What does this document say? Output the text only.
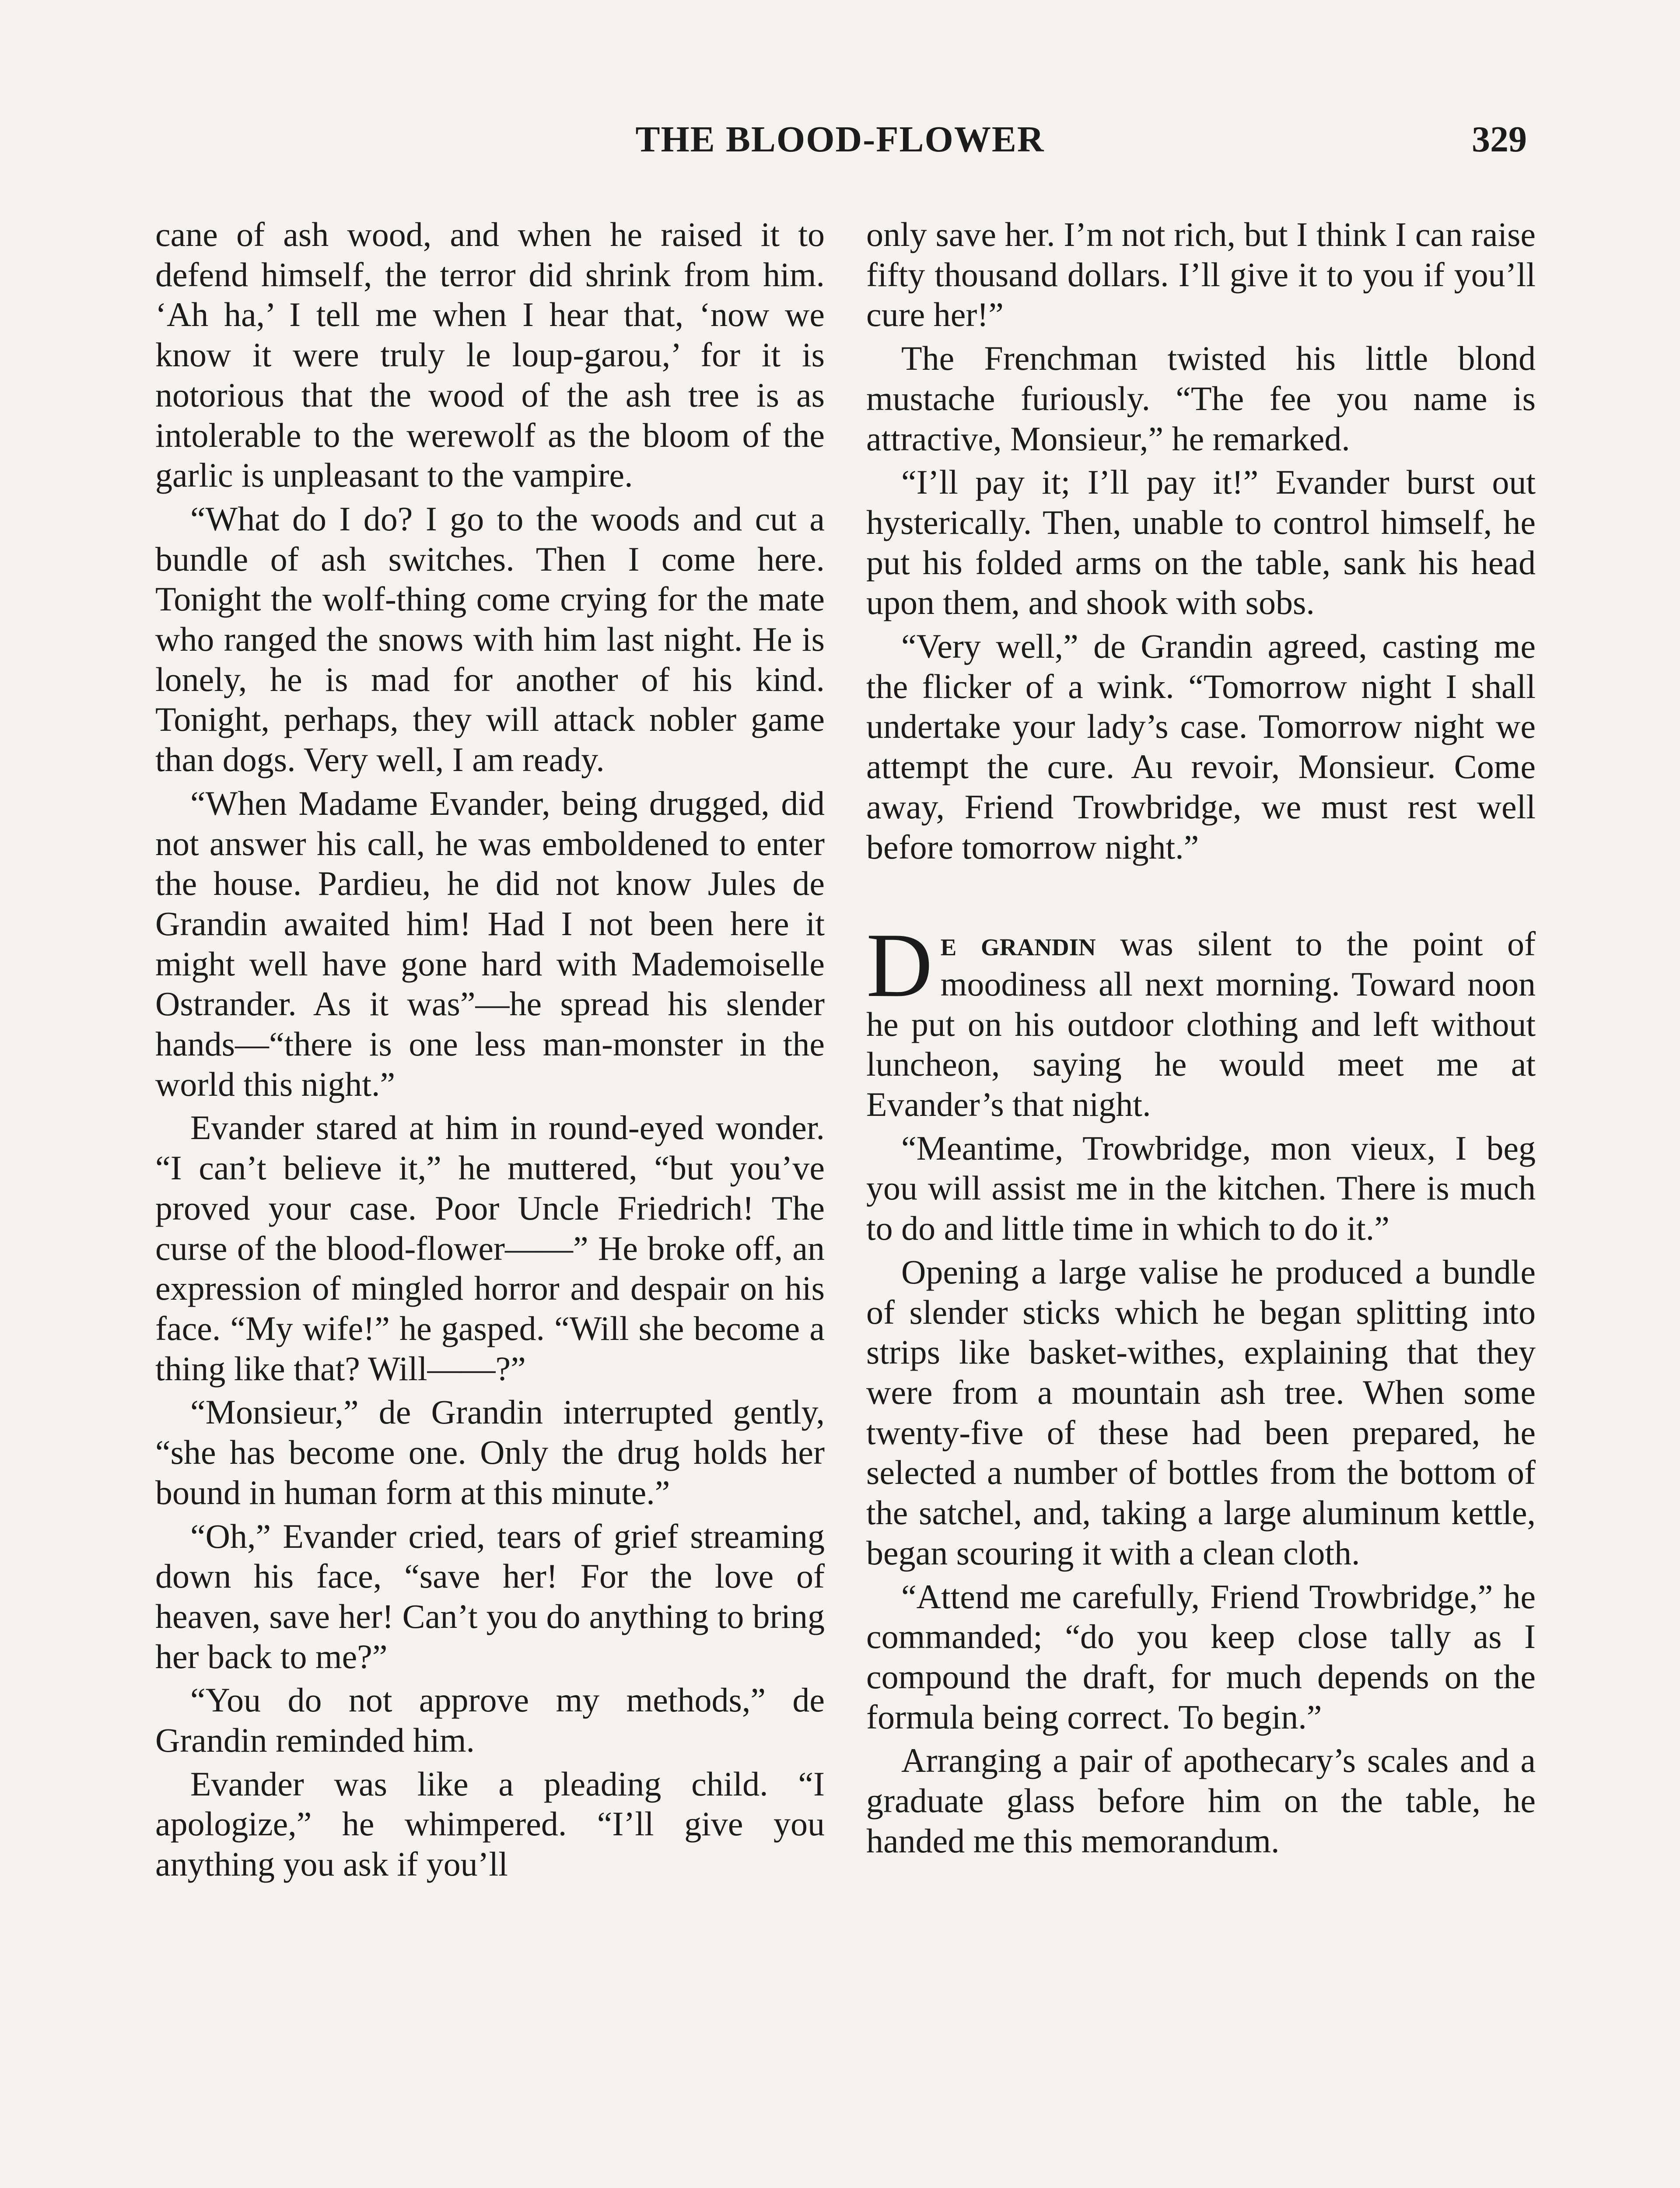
THE BLOOD-FLOWER	329

cane of ash wood, and when he raised it to defend himself, the terror did shrink from him. ‘Ah ha,’ I tell me when I hear that, ‘now we know it were truly le loup-garou,’ for it is notorious that the wood of the ash tree is as intolerable to the werewolf as the bloom of the garlic is unpleasant to the vampire.

“What do I do? I go to the woods and cut a bundle of ash switches. Then I come here. Tonight the wolf-thing come crying for the mate who ranged the snows with him last night. He is lonely, he is mad for another of his kind. Tonight, perhaps, they will attack nobler game than dogs. Very well, I am ready.

“When Madame Evander, being drugged, did not answer his call, he was emboldened to enter the house. Pardieu, he did not know Jules de Grandin awaited him! Had I not been here it might well have gone hard with Mademoiselle Ostrander. As it was”—he spread his slender hands—“there is one less man-monster in the world this night.”

Evander stared at him in round-eyed wonder. “I can’t believe it,” he muttered, “but you’ve proved your case. Poor Uncle Friedrich! The curse of the blood-flower——” He broke off, an expression of mingled horror and despair on his face. “My wife!” he gasped. “Will she become a thing like that? Will——?”

“Monsieur,” de Grandin interrupted gently, “she has become one. Only the drug holds her bound in human form at this minute.”

“Oh,” Evander cried, tears of grief streaming down his face, “save her! For the love of heaven, save her! Can’t you do anything to bring her back to me?”

“You do not approve my methods,” de Grandin reminded him.

Evander was like a pleading child. “I apologize,” he whimpered. “I’ll give you anything you ask if you’ll

only save her. I’m not rich, but I think I can raise fifty thousand dollars. I’ll give it to you if you’ll cure her!”

The Frenchman twisted his little blond mustache furiously. “The fee you name is attractive, Monsieur,” he remarked.

“I’ll pay it; I’ll pay it!” Evander burst out hysterically. Then, unable to control himself, he put his folded arms on the table, sank his head upon them, and shook with sobs.

“Very well,” de Grandin agreed, casting me the flicker of a wink. “Tomorrow night I shall undertake your lady’s case. Tomorrow night we attempt the cure. Au revoir, Monsieur. Come away, Friend Trowbridge, we must rest well before tomorrow night.”

De grandin was silent to the point of moodiness all next morning. Toward noon he put on his outdoor clothing and left without luncheon, saying he would meet me at Evander’s that night.

“Meantime, Trowbridge, mon vieux, I beg you will assist me in the kitchen. There is much to do and little time in which to do it.”

Opening a large valise he produced a bundle of slender sticks which he began splitting into strips like basket-withes, explaining that they were from a mountain ash tree. When some twenty-five of these had been prepared, he selected a number of bottles from the bottom of the satchel, and, taking a large aluminum kettle, began scouring it with a clean cloth.

“Attend me carefully, Friend Trowbridge,” he commanded; “do you keep close tally as I compound the draft, for much depends on the formula being correct. To begin.”

Arranging a pair of apothecary’s scales and a graduate glass before him on the table, he handed me this memorandum.
